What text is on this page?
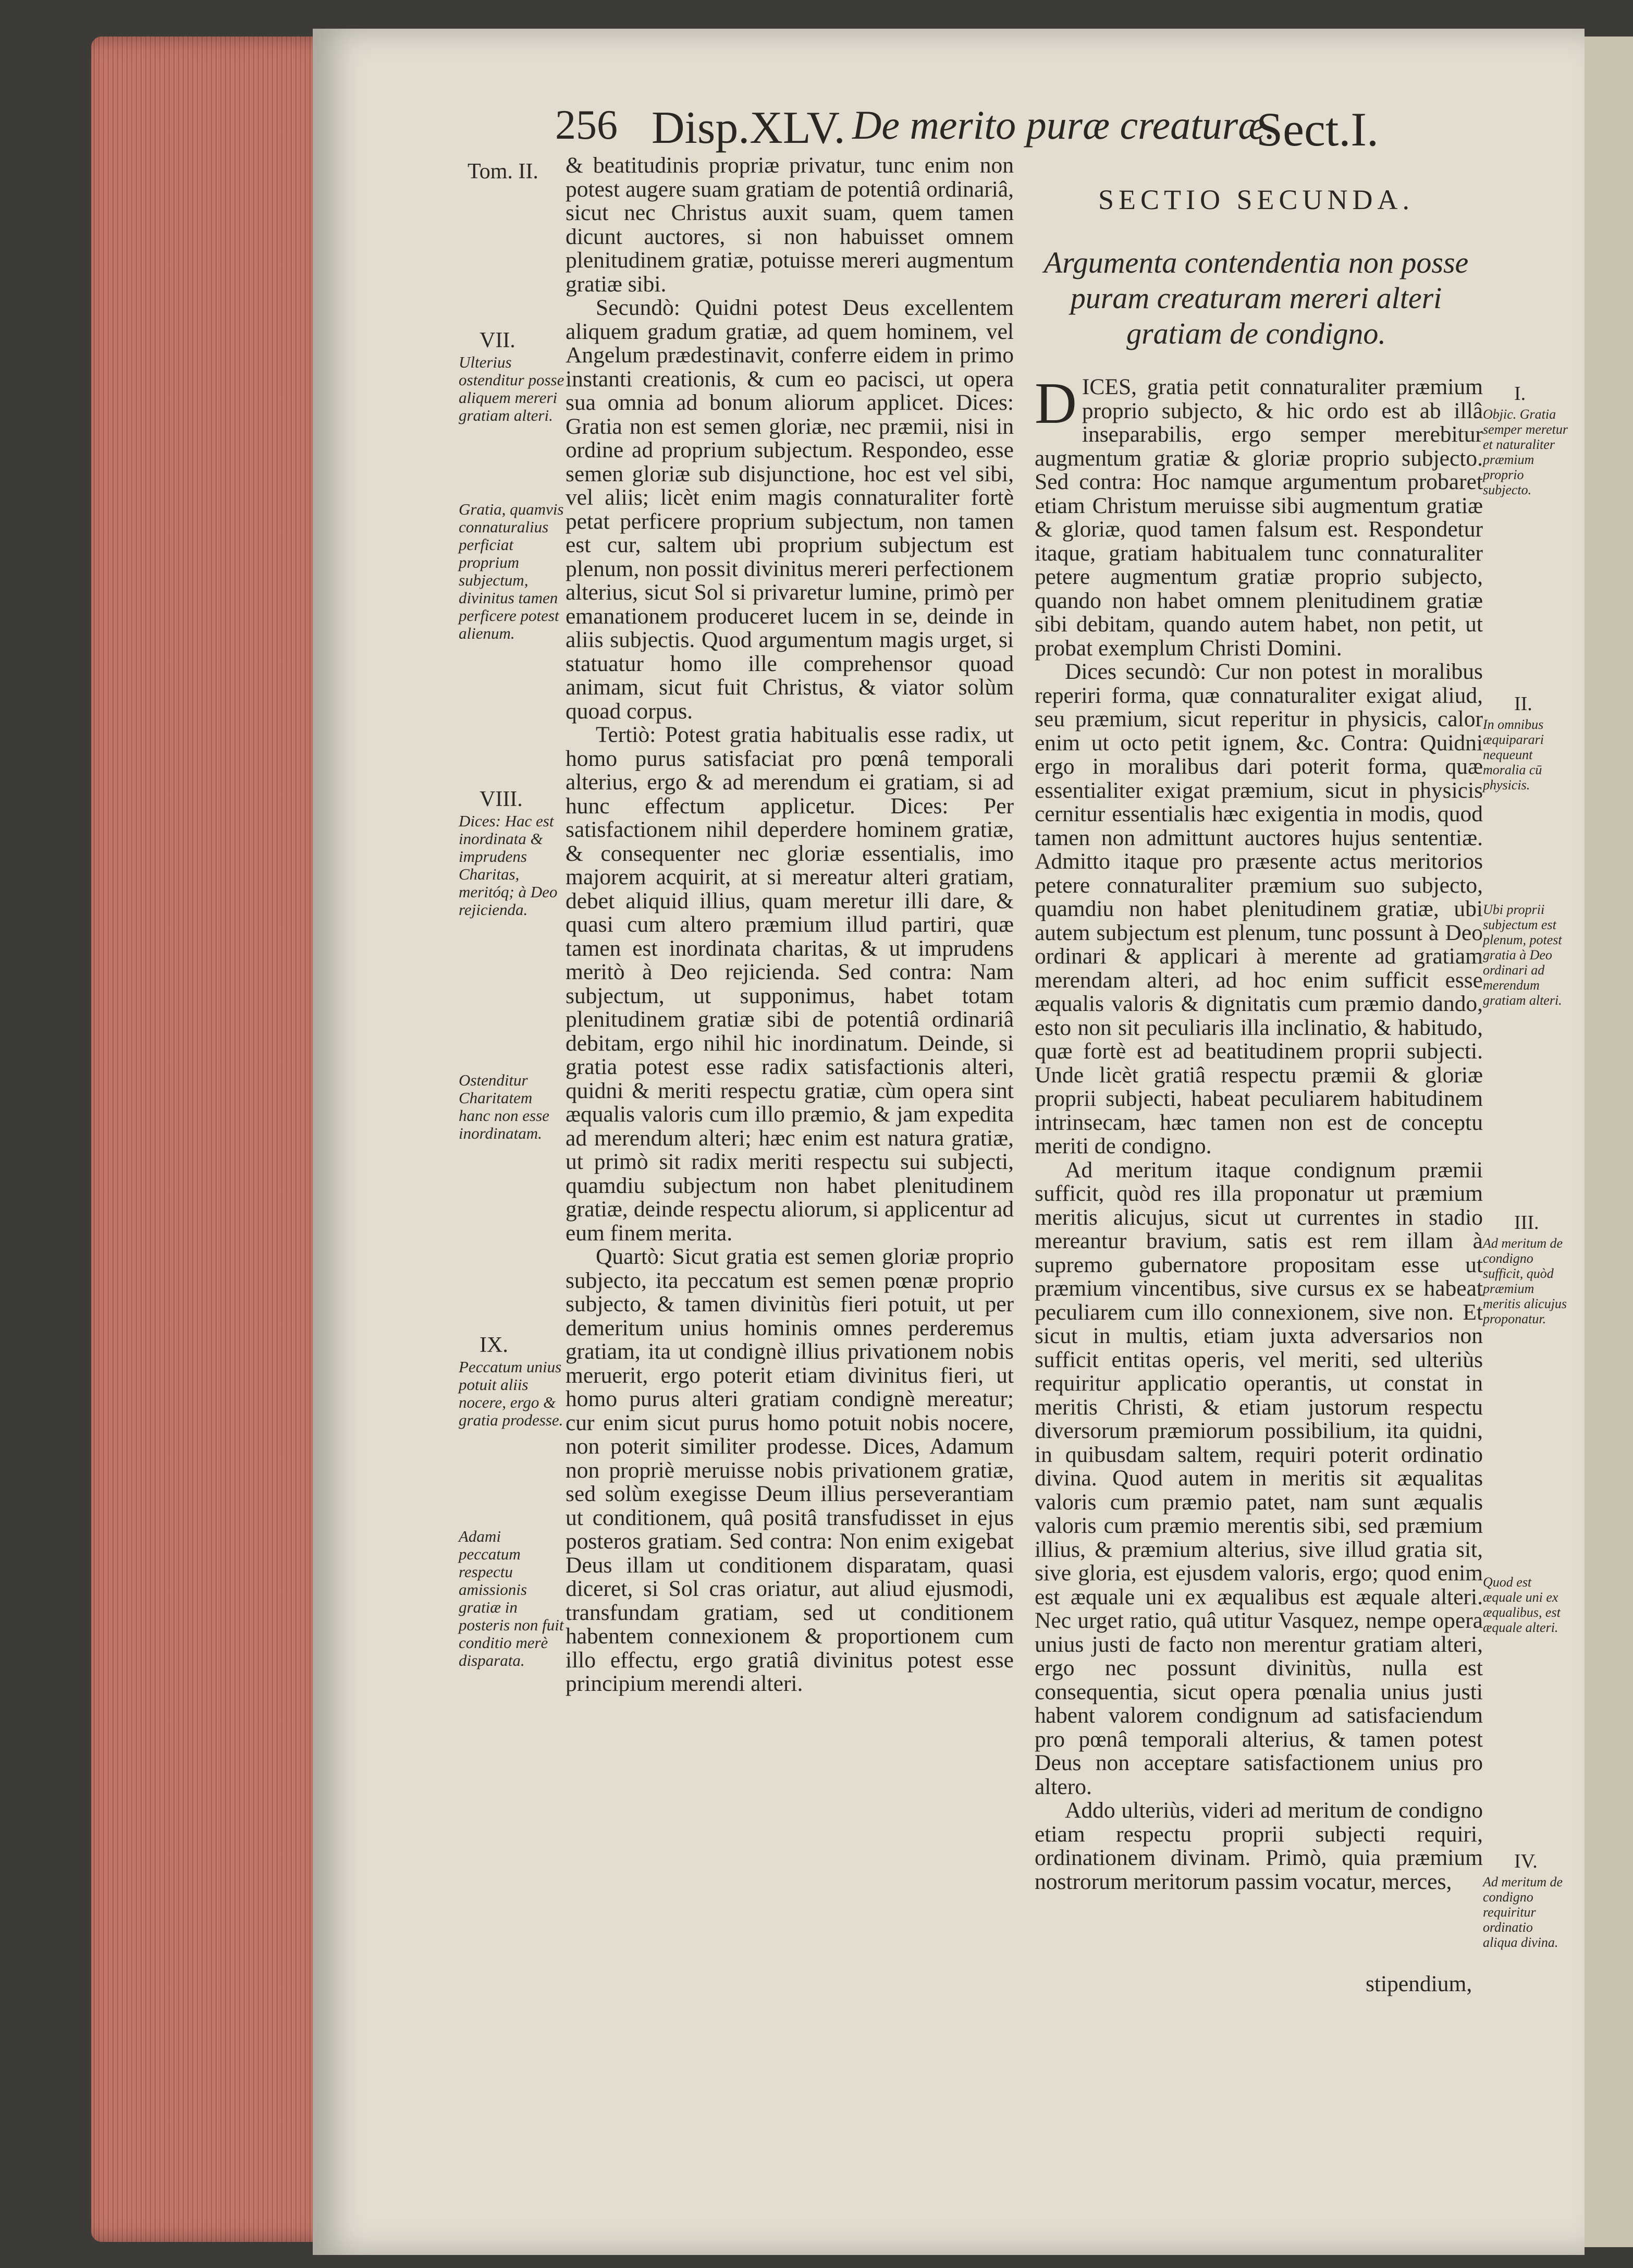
256 Disp.XLV. De merito puræ creaturæ.
Sect.I.
Tom. II.
VII.
Ulterius ostenditur posse aliquem mereri gratiam alteri.
Gratia, quamvis connaturalius perficiat proprium subjectum, divinitus tamen perficere potest alienum.
VIII.
Dices: Hac est inordinata & imprudens Charitas, meritóq; à Deo rejicienda.
Ostenditur Charitatem hanc non esse inordinatam.
IX.
Peccatum unius potuit aliis nocere, ergo & gratia prodesse.
Adami peccatum respectu amissionis gratiæ in posteris non fuit conditio merè disparata.

& beatitudinis propriæ privatur, tunc enim non potest augere suam gratiam de potentiâ ordinariâ, sicut nec Christus auxit suam, quem tamen dicunt auctores, si non habuisset omnem plenitudinem gratiæ, potuisse mereri augmentum gratiæ sibi.

Secundò: Quidni potest Deus excellentem aliquem gradum gratiæ, ad quem hominem, vel Angelum prædestinavit, conferre eidem in primo instanti creationis, & cum eo pacisci, ut opera sua omnia ad bonum aliorum applicet. Dices: Gratia non est semen gloriæ, nec præmii, nisi in ordine ad proprium subjectum. Respondeo, esse semen gloriæ sub disjunctione, hoc est vel sibi, vel aliis; licèt enim magis connaturaliter fortè petat perficere proprium subjectum, non tamen est cur, saltem ubi proprium subjectum est plenum, non possit divinitus mereri perfectionem alterius, sicut Sol si privaretur lumine, primò per emanationem produceret lucem in se, deinde in aliis subjectis. Quod argumentum magis urget, si statuatur homo ille comprehensor quoad animam, sicut fuit Christus, & viator solùm quoad corpus.

Tertiò: Potest gratia habitualis esse radix, ut homo purus satisfaciat pro pœnâ temporali alterius, ergo & ad merendum ei gratiam, si ad hunc effectum applicetur. Dices: Per satisfactionem nihil deperdere hominem gratiæ, & consequenter nec gloriæ essentialis, imo majorem acquirit, at si mereatur alteri gratiam, debet aliquid illius, quam meretur illi dare, & quasi cum altero præmium illud partiri, quæ tamen est inordinata charitas, & ut imprudens meritò à Deo rejicienda. Sed contra: Nam subjectum, ut supponimus, habet totam plenitudinem gratiæ sibi de potentiâ ordinariâ debitam, ergo nihil hic inordinatum. Deinde, si gratia potest esse radix satisfactionis alteri, quidni & meriti respectu gratiæ, cùm opera sint æqualis valoris cum illo præmio, & jam expedita ad merendum alteri; hæc enim est natura gratiæ, ut primò sit radix meriti respectu sui subjecti, quamdiu subjectum non habet plenitudinem gratiæ, deinde respectu aliorum, si applicentur ad eum finem merita.

Quartò: Sicut gratia est semen gloriæ proprio subjecto, ita peccatum est semen pœnæ proprio subjecto, & tamen divinitùs fieri potuit, ut per demeritum unius hominis omnes perderemus gratiam, ita ut condignè illius privationem nobis meruerit, ergo poterit etiam divinitus fieri, ut homo purus alteri gratiam condignè mereatur; cur enim sicut purus homo potuit nobis nocere, non poterit similiter prodesse. Dices, Adamum non propriè meruisse nobis privationem gratiæ, sed solùm exegisse Deum illius perseverantiam ut conditionem, quâ positâ transfudisset in ejus posteros gratiam. Sed contra: Non enim exigebat Deus illam ut conditionem disparatam, quasi diceret, si Sol cras oriatur, aut aliud ejusmodi, transfundam gratiam, sed ut conditionem habentem connexionem & proportionem cum illo effectu, ergo gratiâ divinitus potest esse principium merendi alteri.

SECTIO SECUNDA.
Argumenta contendentia non posse puram creaturam mereri alteri gratiam de condigno.

DICES, gratia petit connaturaliter præmium proprio subjecto, & hic ordo est ab illâ inseparabilis, ergo semper merebitur augmentum gratiæ & gloriæ proprio subjecto. Sed contra: Hoc namque argumentum probaret etiam Christum meruisse sibi augmentum gratiæ & gloriæ, quod tamen falsum est. Respondetur itaque, gratiam habitualem tunc connaturaliter petere augmentum gratiæ proprio subjecto, quando non habet omnem plenitudinem gratiæ sibi debitam, quando autem habet, non petit, ut probat exemplum Christi Domini.

Dices secundò: Cur non potest in moralibus reperiri forma, quæ connaturaliter exigat aliud, seu præmium, sicut reperitur in physicis, calor enim ut octo petit ignem, &c. Contra: Quidni ergo in moralibus dari poterit forma, quæ essentialiter exigat præmium, sicut in physicis cernitur essentialis hæc exigentia in modis, quod tamen non admittunt auctores hujus sententiæ. Admitto itaque pro præsente actus meritorios petere connaturaliter præmium suo subjecto, quamdiu non habet plenitudinem gratiæ, ubi autem subjectum est plenum, tunc possunt à Deo ordinari & applicari à merente ad gratiam merendam alteri, ad hoc enim sufficit esse æqualis valoris & dignitatis cum præmio dando, esto non sit peculiaris illa inclinatio, & habitudo, quæ fortè est ad beatitudinem proprii subjecti. Unde licèt gratiâ respectu præmii & gloriæ proprii subjecti, habeat peculiarem habitudinem intrinsecam, hæc tamen non est de conceptu meriti de condigno.

Ad meritum itaque condignum præmii sufficit, quòd res illa proponatur ut præmium meritis alicujus, sicut ut currentes in stadio mereantur bravium, satis est rem illam à supremo gubernatore propositam esse ut præmium vincentibus, sive cursus ex se habeat peculiarem cum illo connexionem, sive non. Et sicut in multis, etiam juxta adversarios non sufficit entitas operis, vel meriti, sed ulteriùs requiritur applicatio operantis, ut constat in meritis Christi, & etiam justorum respectu diversorum præmiorum possibilium, ita quidni, in quibusdam saltem, requiri poterit ordinatio divina. Quod autem in meritis sit æqualitas valoris cum præmio patet, nam sunt æqualis valoris cum præmio merentis sibi, sed præmium illius, & præmium alterius, sive illud gratia sit, sive gloria, est ejusdem valoris, ergo; quod enim est æquale uni ex æqualibus est æquale alteri. Nec urget ratio, quâ utitur Vasquez, nempe opera unius justi de facto non merentur gratiam alteri, ergo nec possunt divinitùs, nulla est consequentia, sicut opera pœnalia unius justi habent valorem condignum ad satisfaciendum pro pœnâ temporali alterius, & tamen potest Deus non acceptare satisfactionem unius pro altero.

Addo ulteriùs, videri ad meritum de condigno etiam respectu proprii subjecti requiri, ordinationem divinam. Primò, quia præmium nostrorum meritorum passim vocatur, merces,

stipendium,
I.
Objic. Gratia semper meretur et naturaliter præmium proprio subjecto.
II.
In omnibus æquiparari nequeunt moralia cū physicis.
Ubi proprii subjectum est plenum, potest gratia à Deo ordinari ad merendum gratiam alteri.
III.
Ad meritum de condigno sufficit, quòd præmium meritis alicujus proponatur.
Quod est æquale uni ex æqualibus, est æquale alteri.
IV.
Ad meritum de condigno requiritur ordinatio aliqua divina.
